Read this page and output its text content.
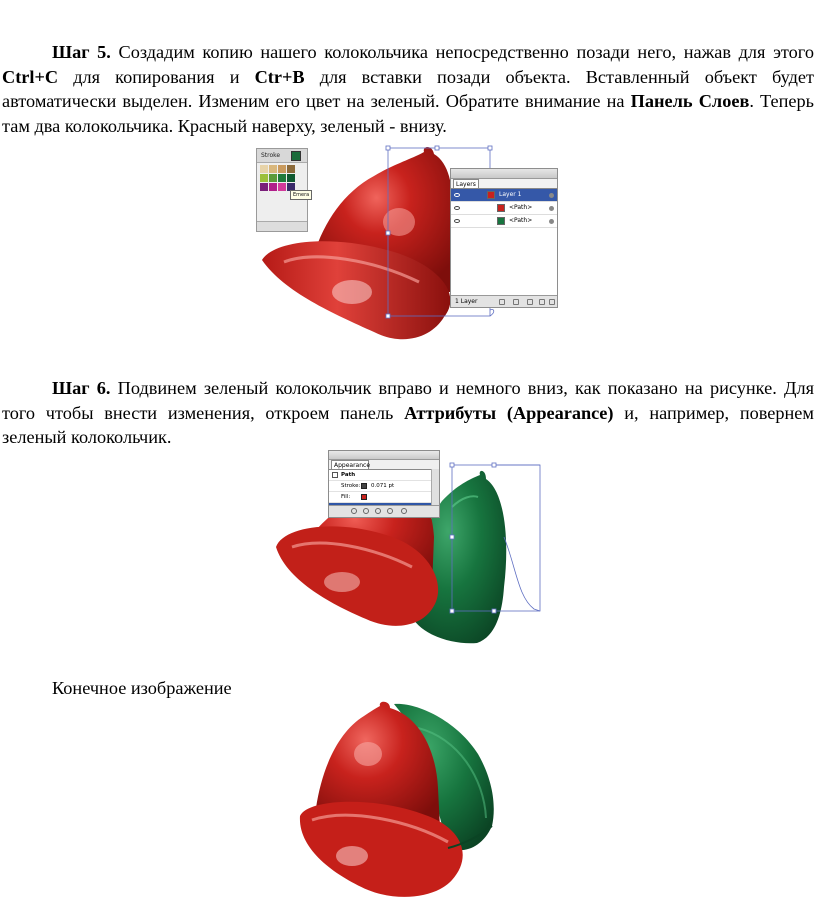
Шаг 5. Создадим копию нашего колокольчика непосредственно позади него, нажав для этого Ctrl+C для копирования и Ctr+B для вставки позади объекта. Вставленный объект будет автоматически выделен. Изменим его цвет на зеленый. Обратите внимание на Панель Слоев. Теперь там два колокольчика. Красный наверху, зеленый - внизу.

Stroke
Emera
Layers
Layer 1
<Path>
<Path>
1 Layer

Шаг 6. Подвинем зеленый колокольчик вправо и немного вниз, как показано на рисунке. Для того чтобы внести изменения, откроем панель Аттрибуты (Appearance) и, например, повернем зеленый колокольчик.

Appearance
Path
Stroke: 0.071 pt
Fill:

Конечное изображение
